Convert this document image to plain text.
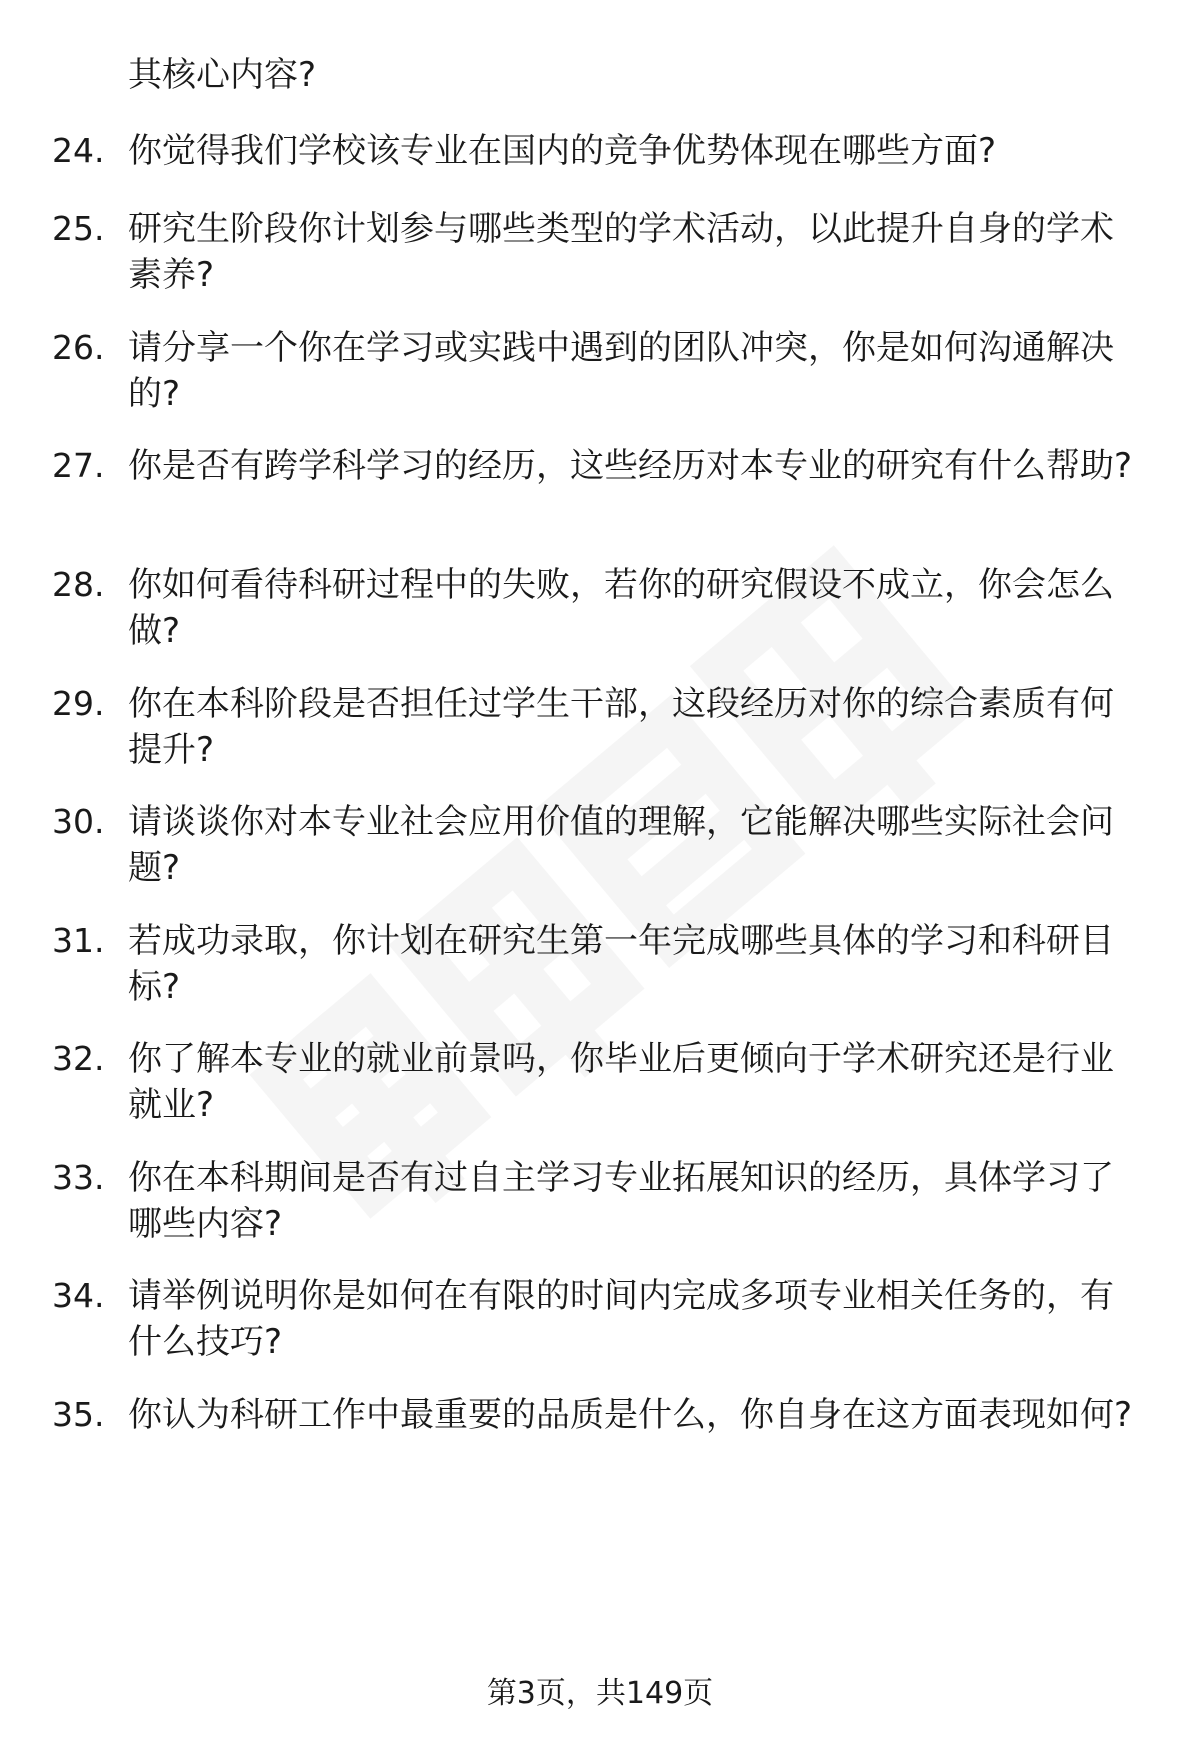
其核心内容?

24. 你觉得我们学校该专业在国内的竞争优势体现在哪些方面?

25. 研究生阶段你计划参与哪些类型的学术活动，以此提升自身的学术素养?

26. 请分享一个你在学习或实践中遇到的团队冲突，你是如何沟通解决的?

27. 你是否有跨学科学习的经历，这些经历对本专业的研究有什么帮助?

28. 你如何看待科研过程中的失败，若你的研究假设不成立，你会怎么做?

29. 你在本科阶段是否担任过学生干部，这段经历对你的综合素质有何提升?

30. 请谈谈你对本专业社会应用价值的理解，它能解决哪些实际社会问题?

31. 若成功录取，你计划在研究生第一年完成哪些具体的学习和科研目标?

32. 你了解本专业的就业前景吗，你毕业后更倾向于学术研究还是行业就业?

33. 你在本科期间是否有过自主学习专业拓展知识的经历，具体学习了哪些内容?

34. 请举例说明你是如何在有限的时间内完成多项专业相关任务的，有什么技巧?

35. 你认为科研工作中最重要的品质是什么，你自身在这方面表现如何?

第3页，共149页
